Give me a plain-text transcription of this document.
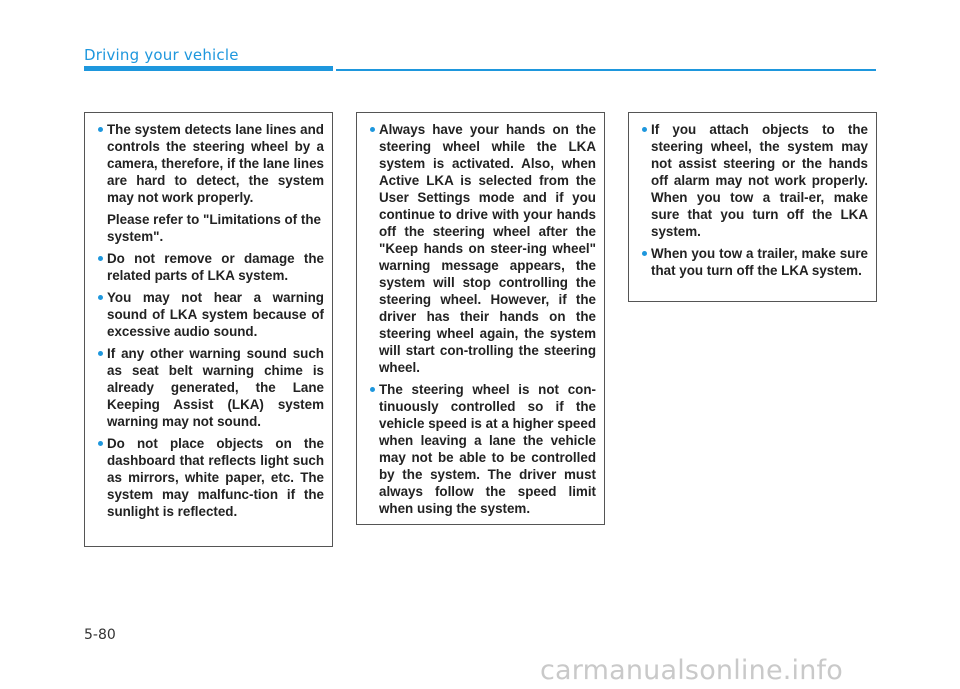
Driving your vehicle
The system detects lane lines and controls the steering wheel by a camera, therefore, if the lane lines are hard to detect, the system may not work properly.

Please refer to "Limitations of the system".

Do not remove or damage the related parts of LKA system.
You may not hear a warning sound of LKA system because of excessive audio sound.
If any other warning sound such as seat belt warning chime is already generated, the Lane Keeping Assist (LKA) system warning may not sound.
Do not place objects on the dashboard that reflects light such as mirrors, white paper, etc. The system may malfunc-tion if the sunlight is reflected.
Always have your hands on the steering wheel while the LKA system is activated. Also, when Active LKA is selected from the User Settings mode and if you continue to drive with your hands off the steering wheel after the "Keep hands on steer-ing wheel" warning message appears, the system will stop controlling the steering wheel. However, if the driver has their hands on the steering wheel again, the system will start con-trolling the steering wheel.
The steering wheel is not con-tinuously controlled so if the vehicle speed is at a higher speed when leaving a lane the vehicle may not be able to be controlled by the system. The driver must always follow the speed limit when using the system.
If you attach objects to the steering wheel, the system may not assist steering or the hands off alarm may not work properly. When you tow a trail-er, make sure that you turn off the LKA system.
When you tow a trailer, make sure that you turn off the LKA system.
5-80
carmanualsonline.info
